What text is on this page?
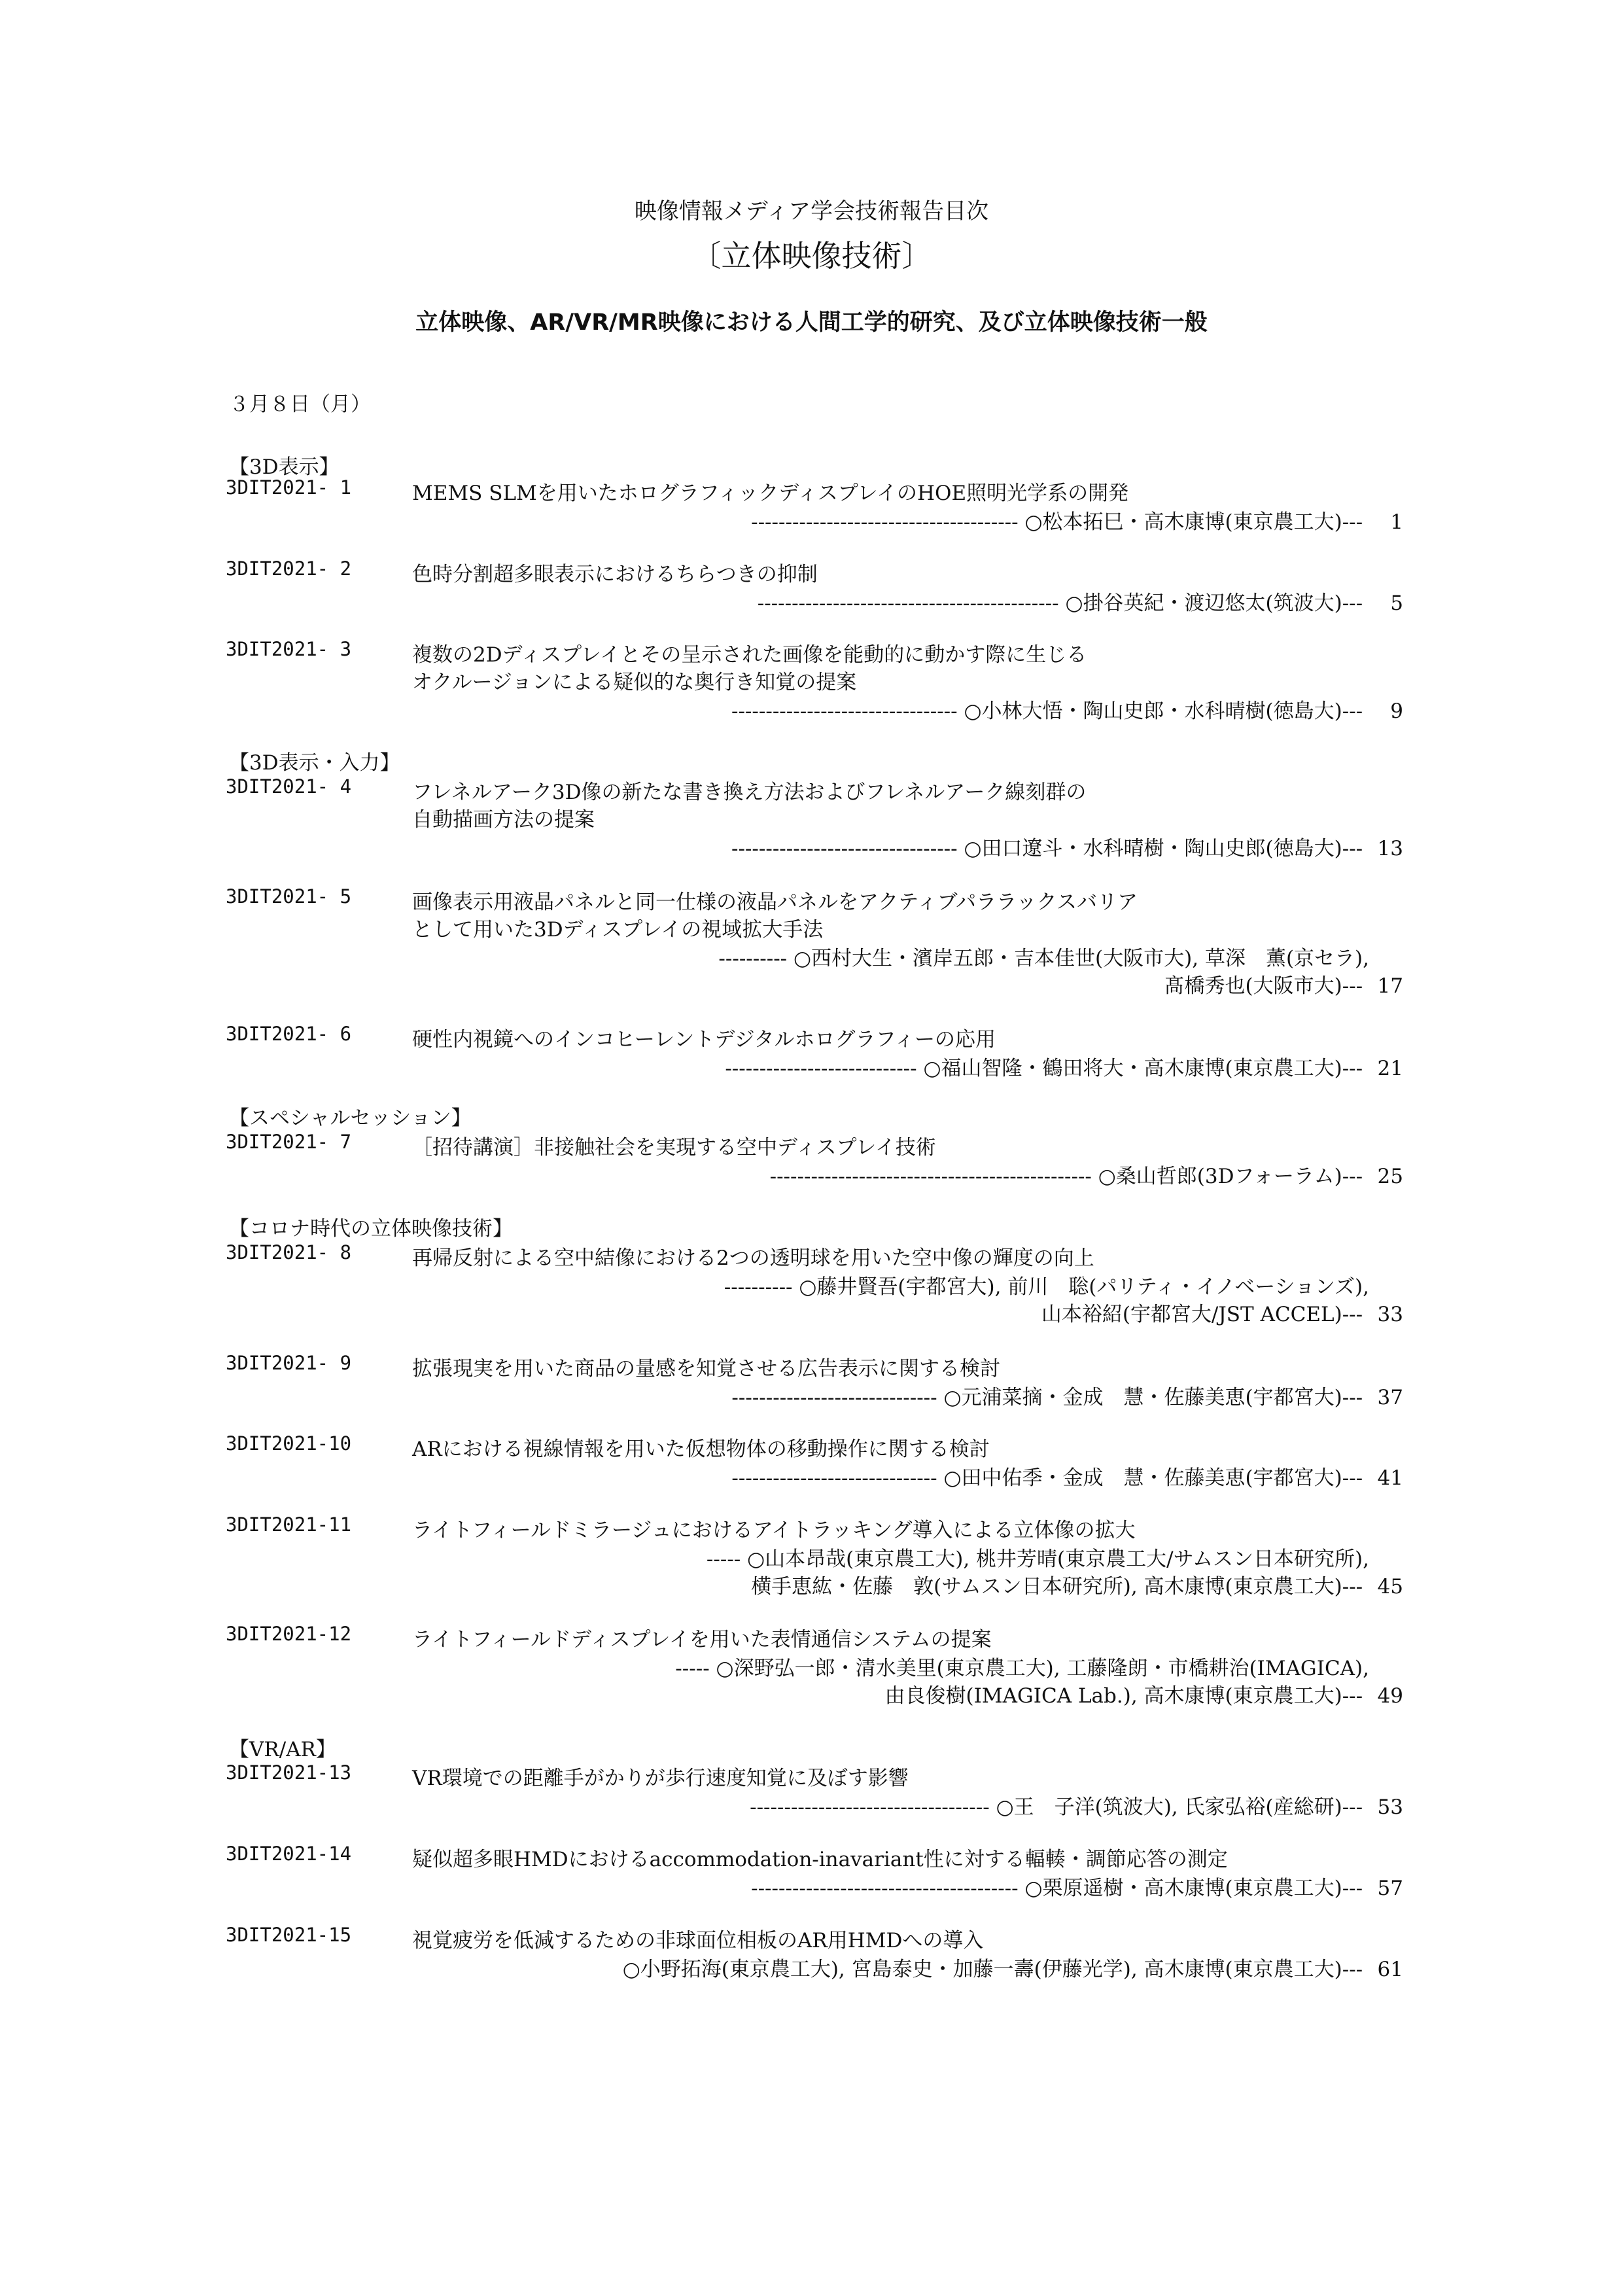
映像情報メディア学会技術報告目次
〔立体映像技術〕
立体映像、AR/VR/MR映像における人間工学的研究、及び立体映像技術一般
３月８日（月）
【3D表示】
【3D表示・入力】
【スペシャルセッション】
【コロナ時代の立体映像技術】
【VR/AR】
3DIT2021- 1	MEMS SLMを用いたホログラフィックディスプレイのHOE照明光学系の開発
--------------------------------------- ○松本拓巳・高木康博(東京農工大)--- 1
3DIT2021- 2	色時分割超多眼表示におけるちらつきの抑制
-------------------------------------------- ○掛谷英紀・渡辺悠太(筑波大)--- 5
3DIT2021- 3	複数の2Dディスプレイとその呈示された画像を能動的に動かす際に生じる
オクルージョンによる疑似的な奥行き知覚の提案
--------------------------------- ○小林大悟・陶山史郎・水科晴樹(徳島大)--- 9
3DIT2021- 4	フレネルアーク3D像の新たな書き換え方法およびフレネルアーク線刻群の
自動描画方法の提案
--------------------------------- ○田口遼斗・水科晴樹・陶山史郎(徳島大)--- 13
3DIT2021- 5	画像表示用液晶パネルと同一仕様の液晶パネルをアクティブパララックスバリア
として用いた3Dディスプレイの視域拡大手法
---------- ○西村大生・濱岸五郎・吉本佳世(大阪市大), 草深　薫(京セラ),
髙橋秀也(大阪市大)--- 17
3DIT2021- 6	硬性内視鏡へのインコヒーレントデジタルホログラフィーの応用
---------------------------- ○福山智隆・鶴田将大・高木康博(東京農工大)--- 21
3DIT2021- 7	［招待講演］非接触社会を実現する空中ディスプレイ技術
----------------------------------------------- ○桑山哲郎(3Dフォーラム)--- 25
3DIT2021- 8	再帰反射による空中結像における2つの透明球を用いた空中像の輝度の向上
---------- ○藤井賢吾(宇都宮大), 前川　聡(パリティ・イノベーションズ),
山本裕紹(宇都宮大/JST ACCEL)--- 33
3DIT2021- 9	拡張現実を用いた商品の量感を知覚させる広告表示に関する検討
------------------------------ ○元浦菜摘・金成　慧・佐藤美恵(宇都宮大)--- 37
3DIT2021-10	ARにおける視線情報を用いた仮想物体の移動操作に関する検討
------------------------------ ○田中佑季・金成　慧・佐藤美恵(宇都宮大)--- 41
3DIT2021-11	ライトフィールドミラージュにおけるアイトラッキング導入による立体像の拡大
----- ○山本昂哉(東京農工大), 桃井芳晴(東京農工大/サムスン日本研究所),
横手恵紘・佐藤　敦(サムスン日本研究所), 高木康博(東京農工大)--- 45
3DIT2021-12	ライトフィールドディスプレイを用いた表情通信システムの提案
----- ○深野弘一郎・清水美里(東京農工大), 工藤隆朗・市橋耕治(IMAGICA),
由良俊樹(IMAGICA Lab.), 高木康博(東京農工大)--- 49
3DIT2021-13	VR環境での距離手がかりが歩行速度知覚に及ぼす影響
----------------------------------- ○王　子洋(筑波大), 氏家弘裕(産総研)--- 53
3DIT2021-14	疑似超多眼HMDにおけるaccommodation-inavariant性に対する輻輳・調節応答の測定
--------------------------------------- ○栗原遥樹・高木康博(東京農工大)--- 57
3DIT2021-15	視覚疲労を低減するための非球面位相板のAR用HMDへの導入
○小野拓海(東京農工大), 宮島泰史・加藤一壽(伊藤光学), 高木康博(東京農工大)--- 61
